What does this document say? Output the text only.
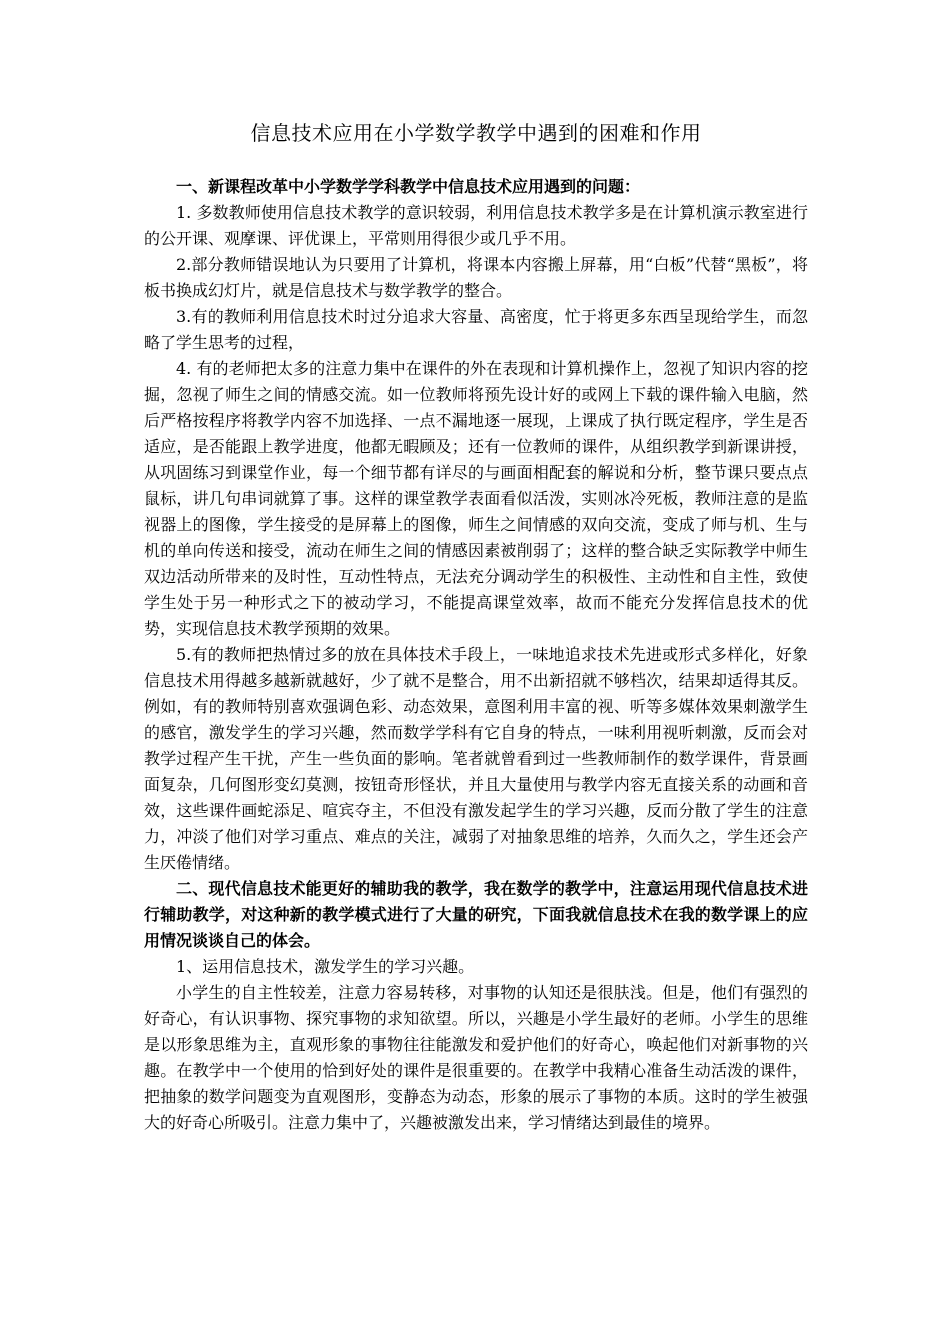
信息技术应用在小学数学教学中遇到的困难和作用

一、新课程改革中小学数学学科教学中信息技术应用遇到的问题：

1. 多数教师使用信息技术教学的意识较弱，利用信息技术教学多是在计算机演示教室进行的公开课、观摩课、评优课上，平常则用得很少或几乎不用。

2.部分教师错误地认为只要用了计算机，将课本内容搬上屏幕，用“白板”代替“黑板”，将板书换成幻灯片，就是信息技术与数学教学的整合。

3.有的教师利用信息技术时过分追求大容量、高密度，忙于将更多东西呈现给学生，而忽略了学生思考的过程，

4. 有的老师把太多的注意力集中在课件的外在表现和计算机操作上，忽视了知识内容的挖掘，忽视了师生之间的情感交流。如一位教师将预先设计好的或网上下载的课件输入电脑，然后严格按程序将教学内容不加选择、一点不漏地逐一展现，上课成了执行既定程序，学生是否适应，是否能跟上教学进度，他都无暇顾及；还有一位教师的课件，从组织教学到新课讲授，从巩固练习到课堂作业，每一个细节都有详尽的与画面相配套的解说和分析，整节课只要点点鼠标，讲几句串词就算了事。这样的课堂教学表面看似活泼，实则冰冷死板，教师注意的是监视器上的图像，学生接受的是屏幕上的图像，师生之间情感的双向交流，变成了师与机、生与机的单向传送和接受，流动在师生之间的情感因素被削弱了；这样的整合缺乏实际教学中师生双边活动所带来的及时性，互动性特点，无法充分调动学生的积极性、主动性和自主性，致使学生处于另一种形式之下的被动学习，不能提高课堂效率，故而不能充分发挥信息技术的优势，实现信息技术教学预期的效果。

5.有的教师把热情过多的放在具体技术手段上，一味地追求技术先进或形式多样化，好象信息技术用得越多越新就越好，少了就不是整合，用不出新招就不够档次，结果却适得其反。例如，有的教师特别喜欢强调色彩、动态效果，意图利用丰富的视、听等多媒体效果刺激学生的感官，激发学生的学习兴趣，然而数学学科有它自身的特点，一味利用视听刺激，反而会对教学过程产生干扰，产生一些负面的影响。笔者就曾看到过一些教师制作的数学课件，背景画面复杂，几何图形变幻莫测，按钮奇形怪状，并且大量使用与教学内容无直接关系的动画和音效，这些课件画蛇添足、喧宾夺主，不但没有激发起学生的学习兴趣，反而分散了学生的注意力，冲淡了他们对学习重点、难点的关注，减弱了对抽象思维的培养，久而久之，学生还会产生厌倦情绪。

二、现代信息技术能更好的辅助我的教学，我在数学的教学中，注意运用现代信息技术进行辅助教学，对这种新的教学模式进行了大量的研究，下面我就信息技术在我的数学课上的应用情况谈谈自己的体会。

1、运用信息技术，激发学生的学习兴趣。

小学生的自主性较差，注意力容易转移，对事物的认知还是很肤浅。但是，他们有强烈的好奇心，有认识事物、探究事物的求知欲望。所以，兴趣是小学生最好的老师。小学生的思维是以形象思维为主，直观形象的事物往往能激发和爱护他们的好奇心，唤起他们对新事物的兴趣。在教学中一个使用的恰到好处的课件是很重要的。在教学中我精心准备生动活泼的课件，把抽象的数学问题变为直观图形，变静态为动态，形象的展示了事物的本质。这时的学生被强大的好奇心所吸引。注意力集中了，兴趣被激发出来，学习情绪达到最佳的境界。
